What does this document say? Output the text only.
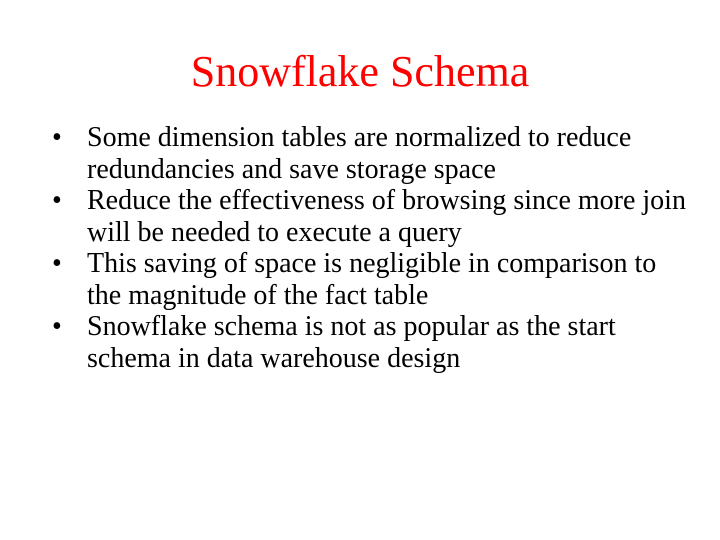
Snowflake Schema
• Some dimension tables are normalized to reduce redundancies and save storage space
• Reduce the effectiveness of browsing since more join will be needed to execute a query
• This saving of space is negligible in comparison to the magnitude of the fact table
• Snowflake schema is not as popular as the start schema in data warehouse design
